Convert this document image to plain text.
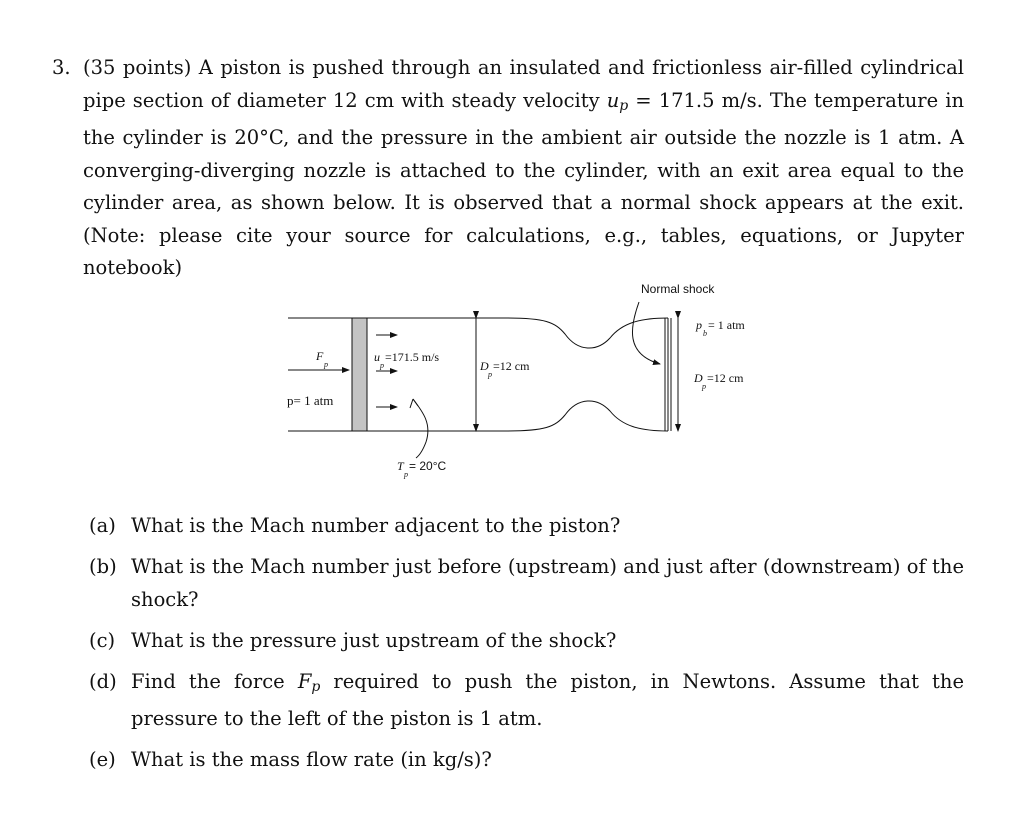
3. (35 points) A piston is pushed through an insulated and frictionless air-filled cylindrical pipe section of diameter 12 cm with steady velocity up = 171.5 m/s. The temperature in the cylinder is 20°C, and the pressure in the ambient air outside the nozzle is 1 atm. A converging-diverging nozzle is attached to the cylinder, with an exit area equal to the cylinder area, as shown below. It is observed that a normal shock appears at the exit. (Note: please cite your source for calculations, e.g., tables, equations, or Jupyter notebook)
Normal shock
F
p
p= 1 atm
u
p
=171.5 m/s
D
p
=12 cm
p
b
= 1 atm
D
p
=12 cm
T
p
= 20°C
(a) What is the Mach number adjacent to the piston?
(b) What is the Mach number just before (upstream) and just after (downstream) of the shock?
(c) What is the pressure just upstream of the shock?
(d) Find the force Fp required to push the piston, in Newtons. Assume that the pressure to the left of the piston is 1 atm.
(e) What is the mass flow rate (in kg/s)?
